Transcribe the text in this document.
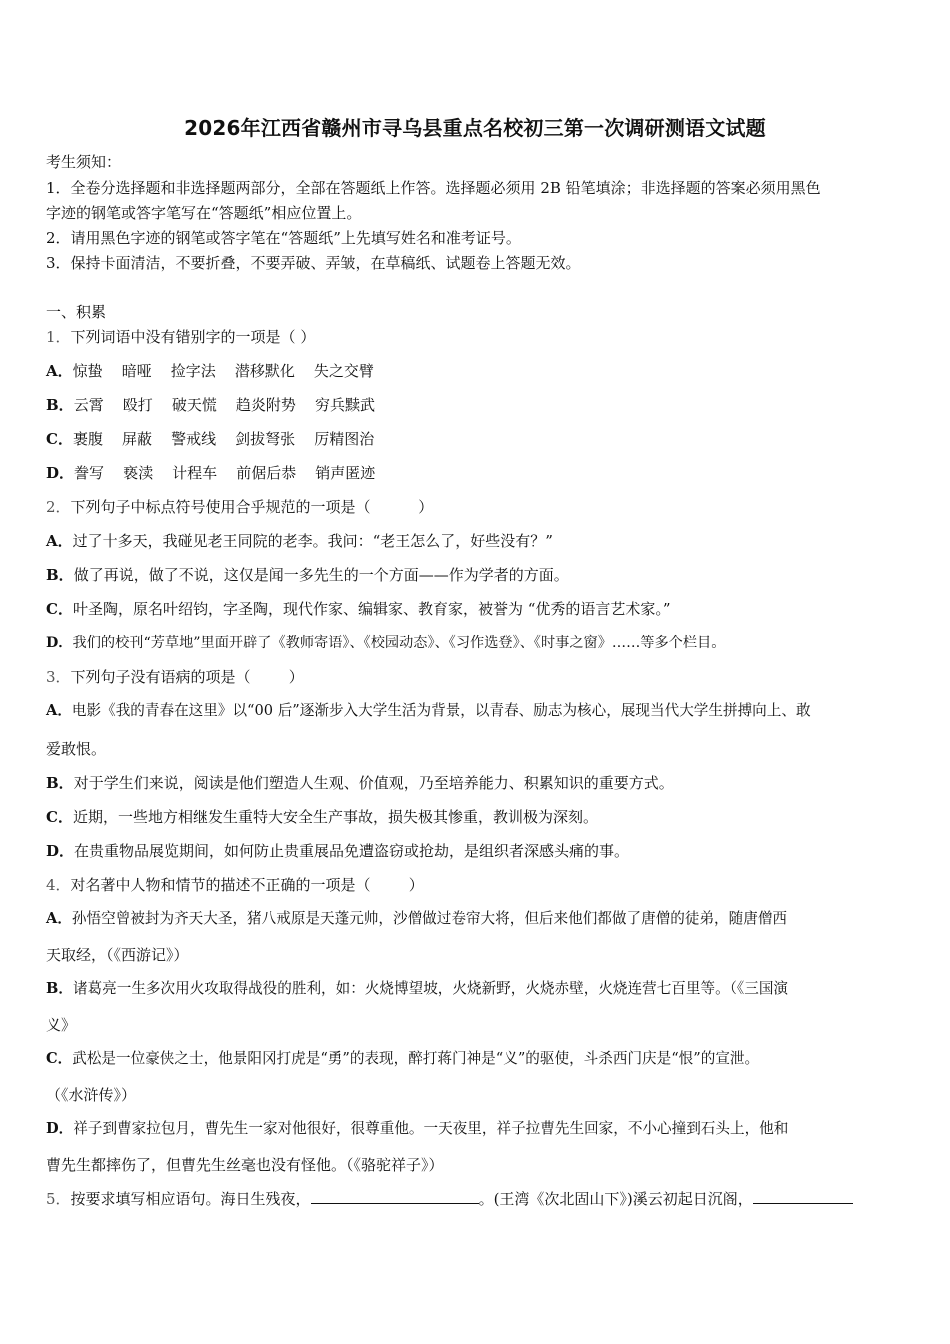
2026年江西省赣州市寻乌县重点名校初三第一次调研测语文试题
考生须知：
1．全卷分选择题和非选择题两部分，全部在答题纸上作答。选择题必须用 2B 铅笔填涂；非选择题的答案必须用黑色
字迹的钢笔或答字笔写在“答题纸”相应位置上。
2．请用黑色字迹的钢笔或答字笔在“答题纸”上先填写姓名和准考证号。
3．保持卡面清洁，不要折叠，不要弄破、弄皱，在草稿纸、试题卷上答题无效。
一、积累
1．下列词语中没有错别字的一项是（ ）
A．惊蛰    暗哑    捡字法    潜移默化    失之交臂
B．云霄    殴打    破天慌    趋炎附势    穷兵黩武
C．裹腹    屏蔽    警戒线    剑拔弩张    厉精图治
D．誊写    亵渎    计程车    前倨后恭    销声匿迹
2．下列句子中标点符号使用合乎规范的一项是（          ）
A．过了十多天，我碰见老王同院的老李。我问：“老王怎么了，好些没有？”
B．做了再说，做了不说，这仅是闻一多先生的一个方面——作为学者的方面。
C．叶圣陶，原名叶绍钧，字圣陶，现代作家、编辑家、教育家，被誉为 “优秀的语言艺术家。”
D．我们的校刊“芳草地”里面开辟了《教师寄语》、《校园动态》、《习作选登》、《时事之窗》……等多个栏目。
3．下列句子没有语病的项是（        ）
A．电影《我的青春在这里》以“00 后”逐渐步入大学生活为背景，以青春、励志为核心，展现当代大学生拼搏向上、敢
爱敢恨。
B．对于学生们来说，阅读是他们塑造人生观、价值观，乃至培养能力、积累知识的重要方式。
C．近期，一些地方相继发生重特大安全生产事故，损失极其惨重，教训极为深刻。
D．在贵重物品展览期间，如何防止贵重展品免遭盗窃或抢劫，是组织者深感头痛的事。
4．对名著中人物和情节的描述不正确的一项是（        ）
A．孙悟空曾被封为齐天大圣，猪八戒原是天蓬元帅，沙僧做过卷帘大将，但后来他们都做了唐僧的徒弟，随唐僧西
天取经，（《西游记》）
B．诸葛亮一生多次用火攻取得战役的胜利，如：火烧博望坡，火烧新野，火烧赤壁，火烧连营七百里等。（《三国演
义》
C．武松是一位豪侠之士，他景阳冈打虎是“勇”的表现，醉打蒋门神是“义”的驱使，斗杀西门庆是“恨”的宣泄。
（《水浒传》）
D．祥子到曹家拉包月，曹先生一家对他很好，很尊重他。一天夜里，祥子拉曹先生回家，不小心撞到石头上，他和
曹先生都摔伤了，但曹先生丝毫也没有怪他。（《骆驼祥子》）
5．按要求填写相应语句。海日生残夜，	。(王湾《次北固山下》)溪云初起日沉阁，
